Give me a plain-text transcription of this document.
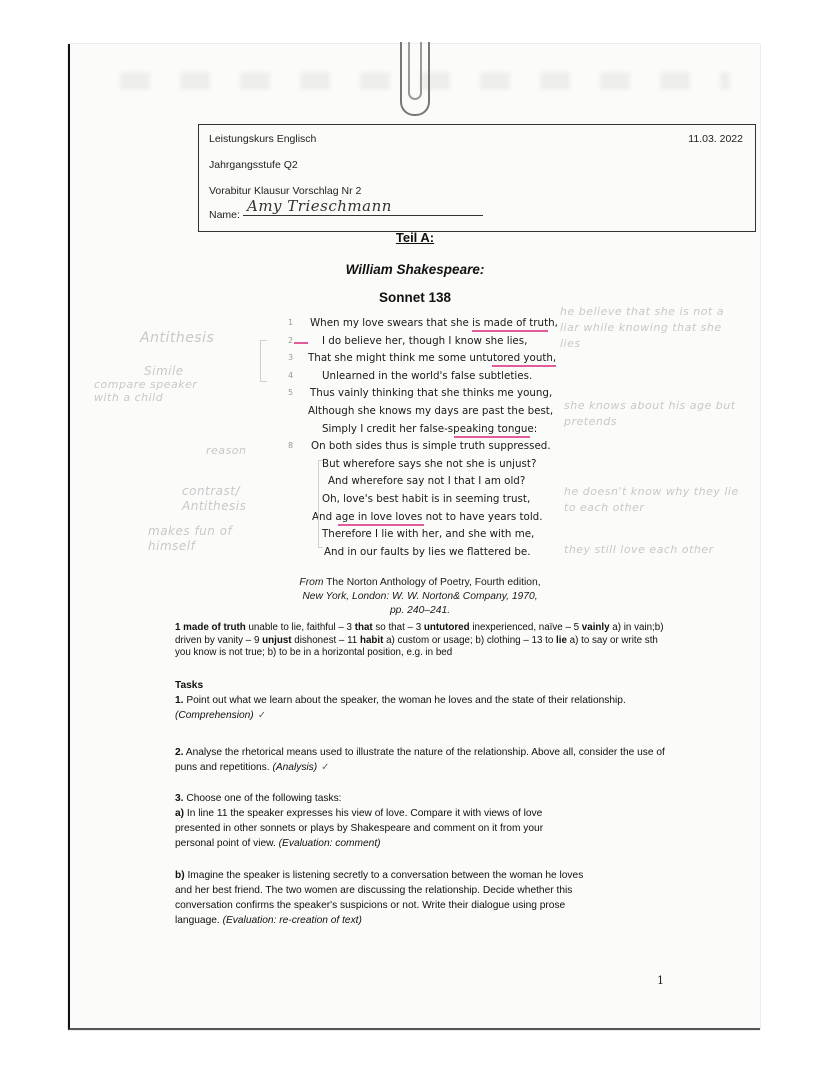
Leistungskurs Englisch	11.03. 2022
Jahrgangsstufe Q2
Vorabitur Klausur Vorschlag Nr 2
Name: Amy Trieschmann
Teil A:
William Shakespeare:
Sonnet 138
When my love swears that she is made of truth,
1
I do believe her, though I know she lies,
2
That she might think me some untutored youth,
3
Unlearned in the world's false subtleties.
4
Thus vainly thinking that she thinks me young,
5
Although she knows my days are past the best,
Simply I credit her false-speaking tongue:
On both sides thus is simple truth suppressed.
8
But wherefore says she not she is unjust?
And wherefore say not I that I am old?
Oh, love's best habit is in seeming trust,
And age in love loves not to have years told.
Therefore I lie with her, and she with me,
And in our faults by lies we flattered be.
From The Norton Anthology of Poetry, Fourth edition,
New York, London: W. W. Norton& Company, 1970,
pp. 240–241.
1 made of truth unable to lie, faithful – 3 that so that – 3 untutored inexperienced, naïve – 5 vainly a) in vain;b) driven by vanity – 9 unjust dishonest – 11 habit a) custom or usage; b) clothing – 13 to lie a) to say or write sth you know is not true; b) to be in a horizontal position, e.g. in bed
Tasks
1. Point out what we learn about the speaker, the woman he loves and the state of their relationship. (Comprehension) ✓
2. Analyse the rhetorical means used to illustrate the nature of the relationship. Above all, consider the use of puns and repetitions. (Analysis) ✓
3. Choose one of the following tasks:
a) In line 11 the speaker expresses his view of love. Compare it with views of love presented in other sonnets or plays by Shakespeare and comment on it from your personal point of view. (Evaluation: comment)
b) Imagine the speaker is listening secretly to a conversation between the woman he loves and her best friend. The two women are discussing the relationship. Decide whether this conversation confirms the speaker's suspicions or not. Write their dialogue using prose language. (Evaluation: re-creation of text)
1
Antithesis
Simile
compare speaker with a child
reason
contrast/ Antithesis
makes fun of himself
he believe that she is not a liar while knowing that she lies
she knows about his age but pretends
he doesn't know why they lie to each other
they still love each other
